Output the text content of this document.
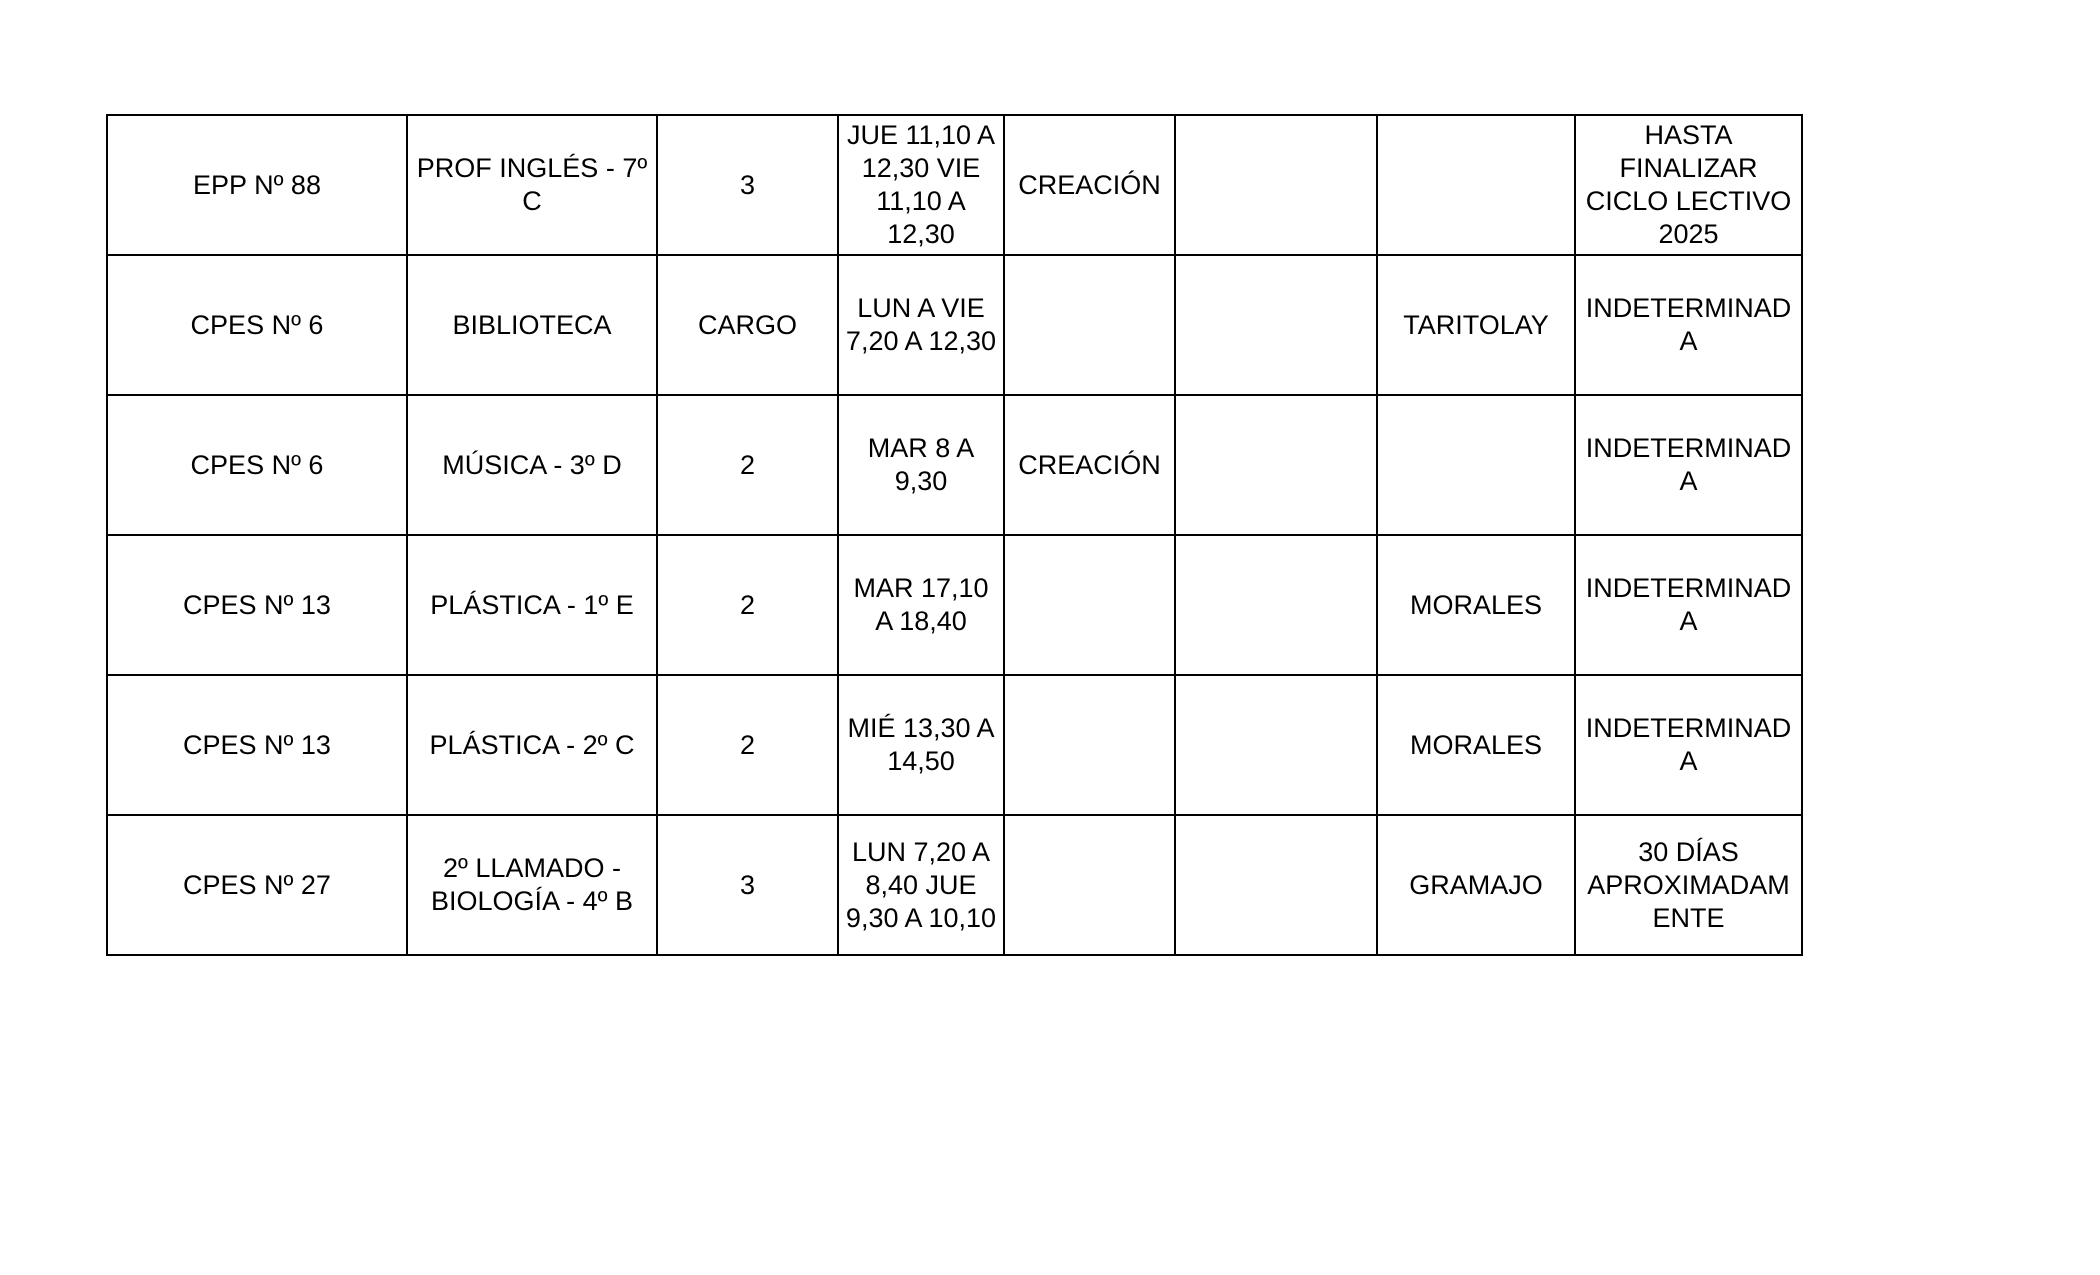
EPP Nº 88	PROF INGLÉS - 7º
C	3	JUE 11,10 A
12,30 VIE
11,10 A
12,30	CREACIÓN			HASTA
FINALIZAR
CICLO LECTIVO
2025

CPES Nº 6	BIBLIOTECA	CARGO	LUN A VIE
7,20 A 12,30			TARITOLAY	INDETERMINAD
A

CPES Nº 6	MÚSICA - 3º D	2	MAR 8 A
9,30	CREACIÓN			INDETERMINAD
A

CPES Nº 13	PLÁSTICA - 1º E	2	MAR 17,10
A 18,40			MORALES	INDETERMINAD
A

CPES Nº 13	PLÁSTICA - 2º C	2	MIÉ 13,30 A
14,50			MORALES	INDETERMINAD
A

CPES Nº 27	2º LLAMADO -
BIOLOGÍA - 4º B	3	LUN 7,20 A
8,40 JUE
9,30 A 10,10			GRAMAJO	30 DÍAS
APROXIMADAM
ENTE
